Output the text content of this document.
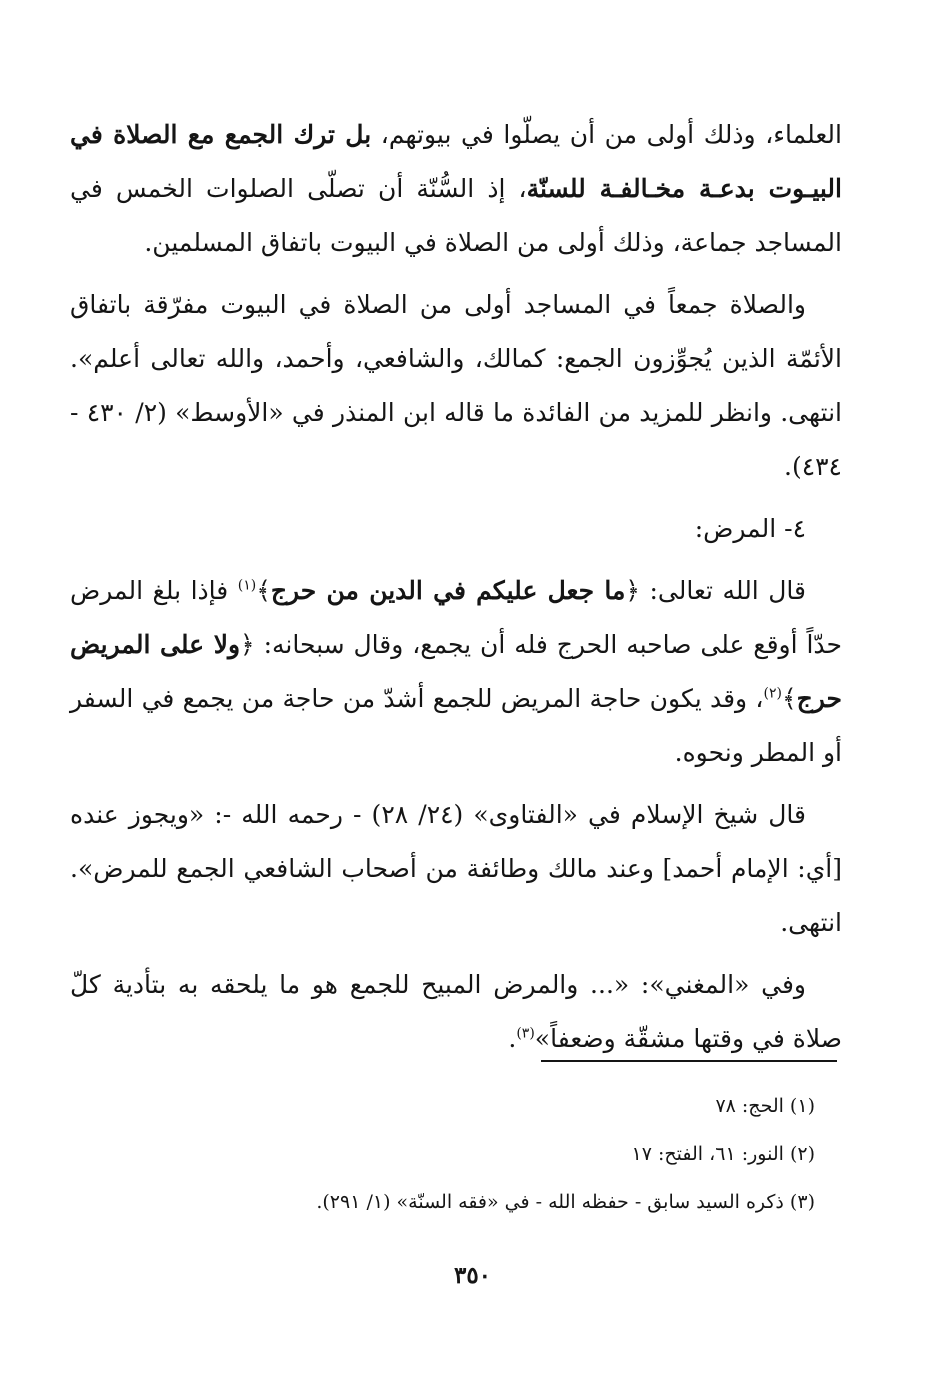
العلماء، وذلك أولى من أن يصلّوا في بيوتهم، بل ترك الجمع مع الصلاة في البيـوت بدعـة مخـالفـة للسنّة، إذ السُّنّة أن تصلّى الصلوات الخمس في المساجد جماعة، وذلك أولى من الصلاة في البيوت باتفاق المسلمين.

والصلاة جمعاً في المساجد أولى من الصلاة في البيوت مفرّقة باتفاق الأئمّة الذين يُجوِّزون الجمع: كمالك، والشافعي، وأحمد، والله تعالى أعلم». انتهى. وانظر للمزيد من الفائدة ما قاله ابن المنذر في «الأوسط» (٢/ ٤٣٠ - ٤٣٤).

٤- المرض:

قال الله تعالى: ﴿ما جعل عليكم في الدين من حرج﴾$^{(١)}$ فإذا بلغ المرض حدّاً أوقع على صاحبه الحرج فله أن يجمع، وقال سبحانه: ﴿ولا على المريض حرج﴾$^{(٢)}$، وقد يكون حاجة المريض للجمع أشدّ من حاجة من يجمع في السفر أو المطر ونحوه.

قال شيخ الإسلام في «الفتاوى» (٢٤/ ٢٨) - رحمه الله -: «ويجوز عنده [أي: الإمام أحمد] وعند مالك وطائفة من أصحاب الشافعي الجمع للمرض». انتهى.

وفي «المغني»: «... والمرض المبيح للجمع هو ما يلحقه به بتأدية كلّ صلاة في وقتها مشقّة وضعفاً»$^{(٣)}$.

(١) الحج: ٧٨

(٢) النور: ٦١، الفتح: ١٧

(٣) ذكره السيد سابق - حفظه الله - في «فقه السنّة» (١/ ٢٩١).

٣٥٠
